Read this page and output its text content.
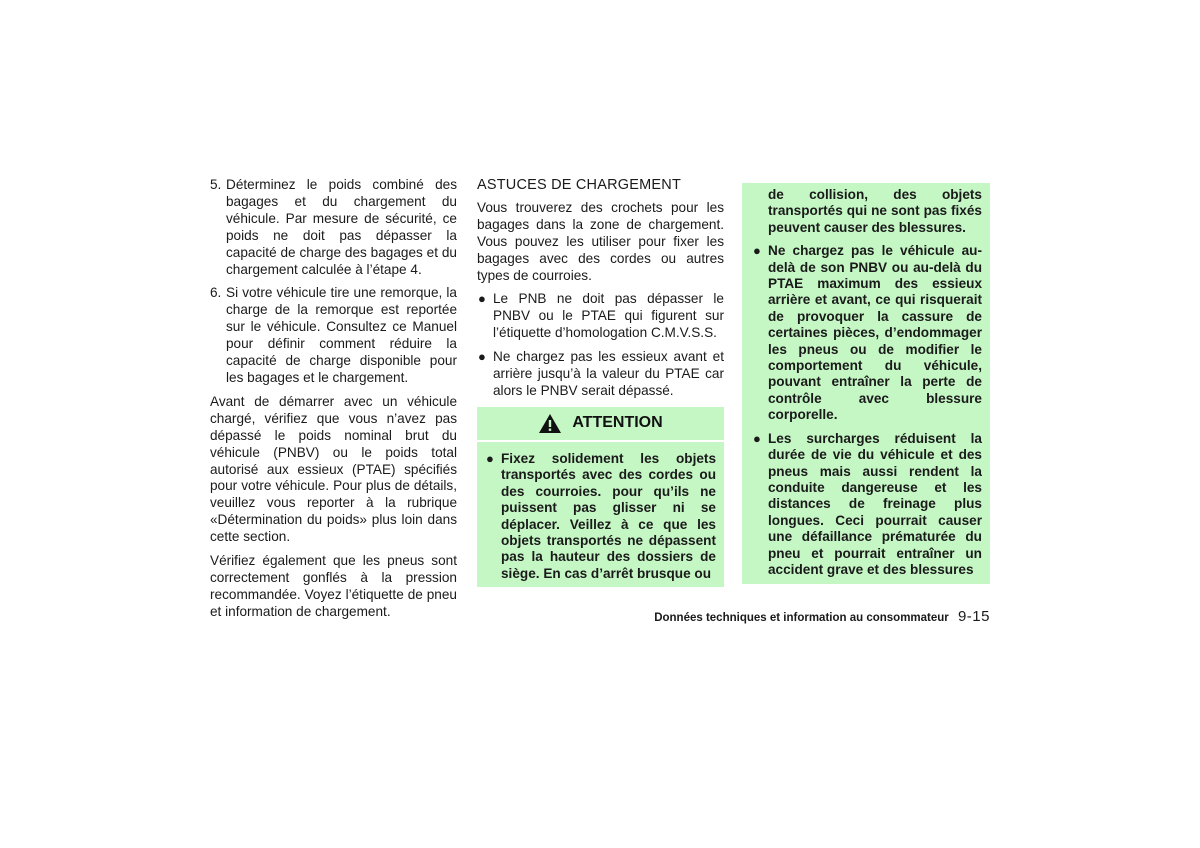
5. Déterminez le poids combiné des bagages et du chargement du véhicule. Par mesure de sécurité, ce poids ne doit pas dépasser la capacité de charge des bagages et du chargement calculée à l’étape 4.
6. Si votre véhicule tire une remorque, la charge de la remorque est reportée sur le véhicule. Consultez ce Manuel pour définir comment réduire la capacité de charge disponible pour les bagages et le chargement.

Avant de démarrer avec un véhicule chargé, vérifiez que vous n’avez pas dépassé le poids nominal brut du véhicule (PNBV) ou le poids total autorisé aux essieux (PTAE) spécifiés pour votre véhicule. Pour plus de détails, veuillez vous reporter à la rubrique «Détermination du poids» plus loin dans cette section.

Vérifiez également que les pneus sont correctement gonflés à la pression recommandée. Voyez l’étiquette de pneu et information de chargement.

ASTUCES DE CHARGEMENT

Vous trouverez des crochets pour les bagages dans la zone de chargement. Vous pouvez les utiliser pour fixer les bagages avec des cordes ou autres types de courroies.

● Le PNB ne doit pas dépasser le PNBV ou le PTAE qui figurent sur l’étiquette d’homologation C.M.V.S.S.
● Ne chargez pas les essieux avant et arrière jusqu’à la valeur du PTAE car alors le PNBV serait dépassé.
ATTENTION
● Fixez solidement les objets transportés avec des cordes ou des courroies. pour qu’ils ne puissent pas glisser ni se déplacer. Veillez à ce que les objets transportés ne dépassent pas la hauteur des dossiers de siège. En cas d’arrêt brusque ou

de collision, des objets transportés qui ne sont pas fixés peuvent causer des blessures.

● Ne chargez pas le véhicule au-delà de son PNBV ou au-delà du PTAE maximum des essieux arrière et avant, ce qui risquerait de provoquer la cassure de certaines pièces, d’endommager les pneus ou de modifier le comportement du véhicule, pouvant entraîner la perte de contrôle avec blessure corporelle.
● Les surcharges réduisent la durée de vie du véhicule et des pneus mais aussi rendent la conduite dangereuse et les distances de freinage plus longues. Ceci pourrait causer une défaillance prématurée du pneu et pourrait entraîner un accident grave et des blessures
Données techniques et information au consommateur 9-15
